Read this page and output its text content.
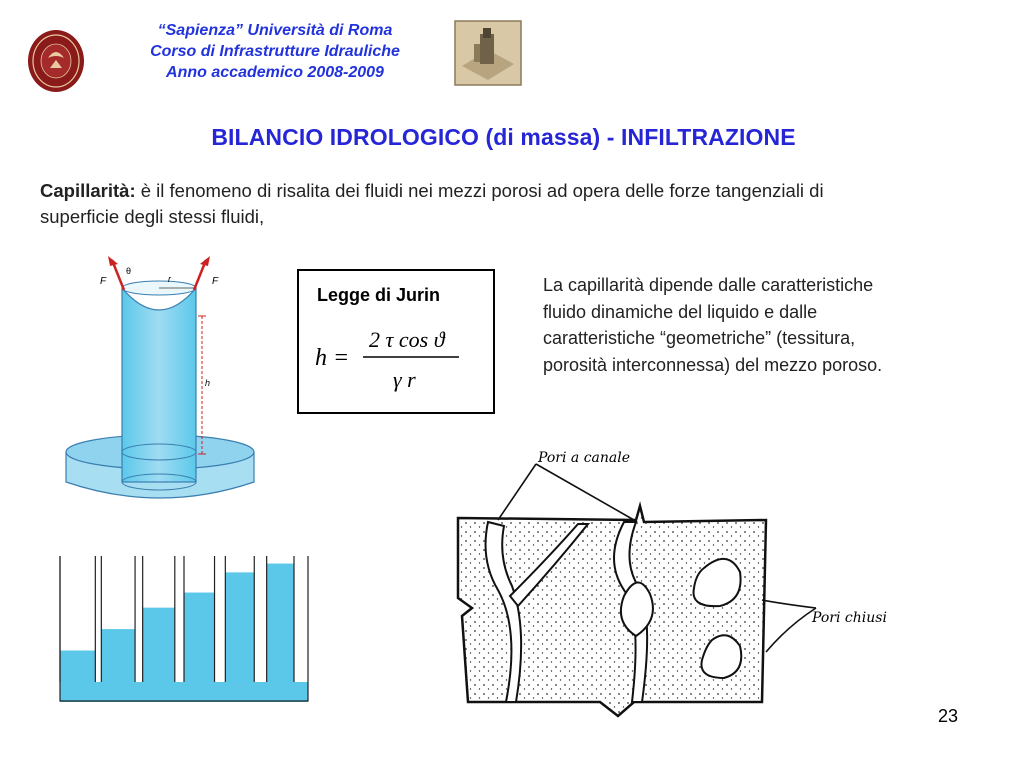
“Sapienza” Università di Roma
Corso di Infrastrutture Idrauliche
Anno accademico 2008-2009
BILANCIO IDROLOGICO (di massa) - INFILTRAZIONE
Capillarità: è il fenomeno di risalita dei fluidi nei mezzi porosi ad opera delle forze tangenziali di superficie degli stessi fluidi,
F	F
θ
r
h
Legge di Jurin
h =
2 τ cos ϑ
γ r
La capillarità dipende dalle caratteristiche fluido dinamiche del liquido e dalle caratteristiche “geometriche” (tessitura, porosità interconnessa) del mezzo poroso.
Pori a canale
Pori chiusi
23
